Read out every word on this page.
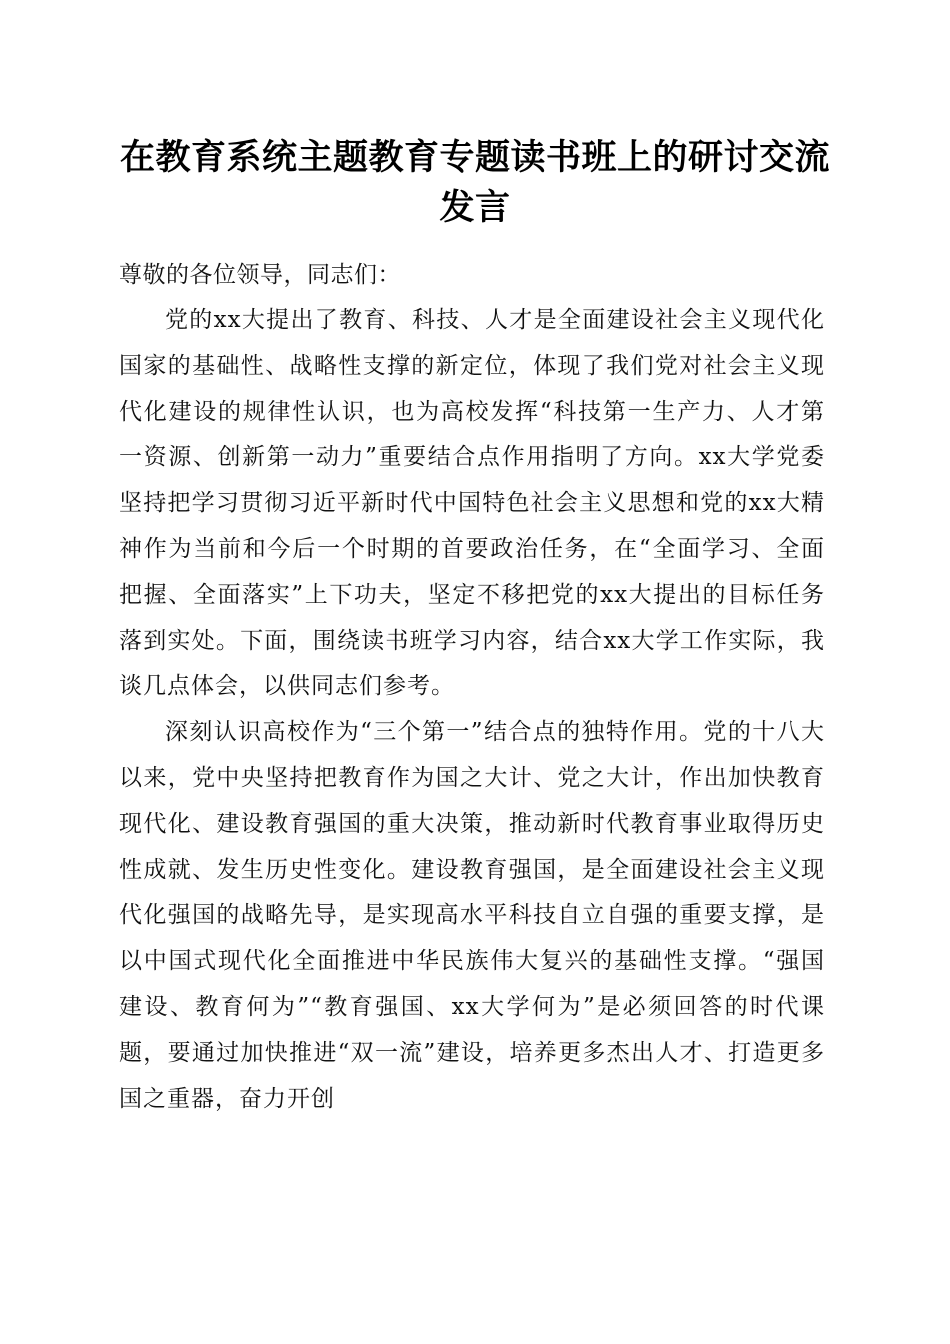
在教育系统主题教育专题读书班上的研讨交流发言

尊敬的各位领导，同志们：

党的xx大提出了教育、科技、人才是全面建设社会主义现代化国家的基础性、战略性支撑的新定位，体现了我们党对社会主义现代化建设的规律性认识，也为高校发挥“科技第一生产力、人才第一资源、创新第一动力”重要结合点作用指明了方向。xx大学党委坚持把学习贯彻习近平新时代中国特色社会主义思想和党的xx大精神作为当前和今后一个时期的首要政治任务，在“全面学习、全面把握、全面落实”上下功夫，坚定不移把党的xx大提出的目标任务落到实处。下面，围绕读书班学习内容，结合xx大学工作实际，我谈几点体会，以供同志们参考。

深刻认识高校作为“三个第一”结合点的独特作用。党的十八大以来，党中央坚持把教育作为国之大计、党之大计，作出加快教育现代化、建设教育强国的重大决策，推动新时代教育事业取得历史性成就、发生历史性变化。建设教育强国，是全面建设社会主义现代化强国的战略先导，是实现高水平科技自立自强的重要支撑，是以中国式现代化全面推进中华民族伟大复兴的基础性支撑。“强国建设、教育何为”“教育强国、xx大学何为”是必须回答的时代课题，要通过加快推进“双一流”建设，培养更多杰出人才、打造更多国之重器，奋力开创
